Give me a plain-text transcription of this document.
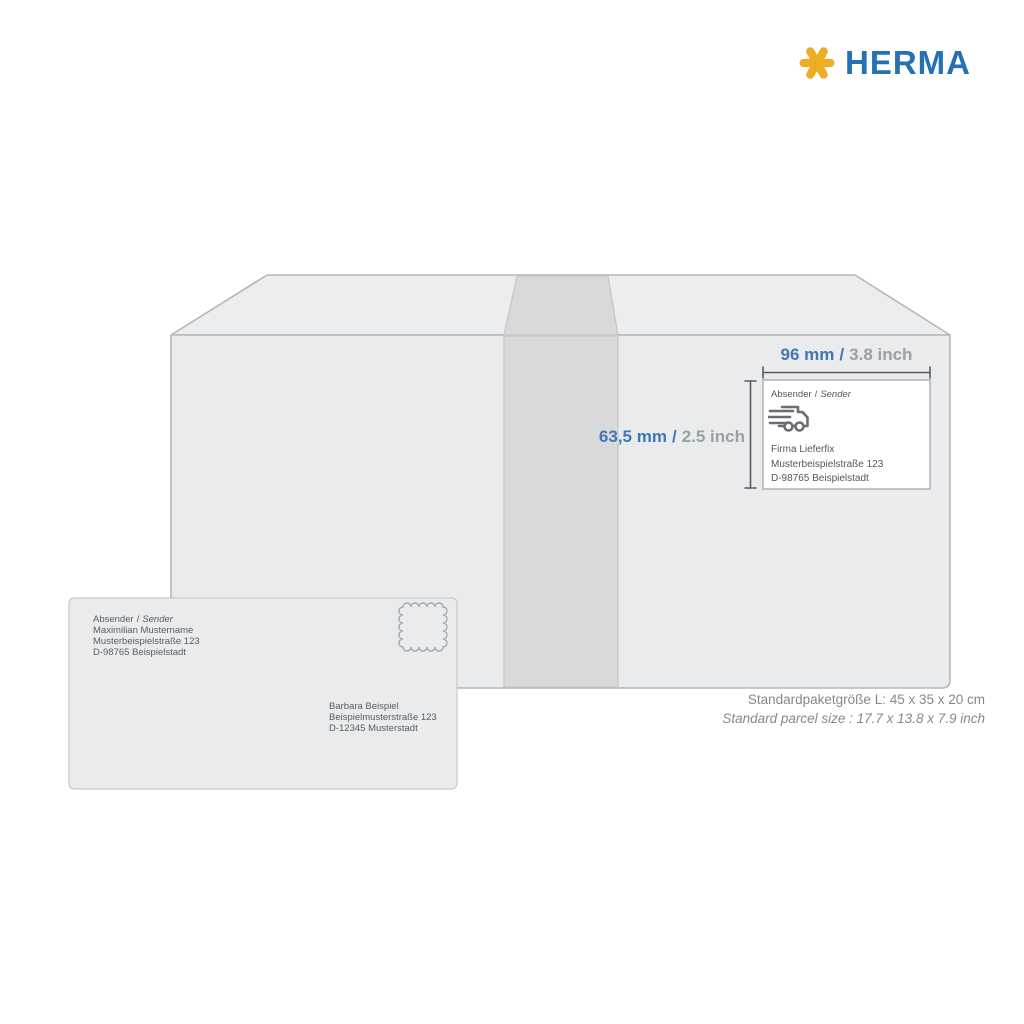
HERMA
96 mm / 3.8 inch
63,5 mm / 2.5 inch
Absender / Sender
Firma Lieferfix
Musterbeispielstraße 123
D-98765 Beispielstadt
Absender / Sender
Maximilian Mustername
Musterbeispielstraße 123
D-98765 Beispielstadt
Barbara Beispiel
Beispielmusterstraße 123
D-12345 Musterstadt
Standardpaketgröße L: 45 x 35 x 20 cm
Standard parcel size : 17.7 x 13.8 x 7.9 inch
